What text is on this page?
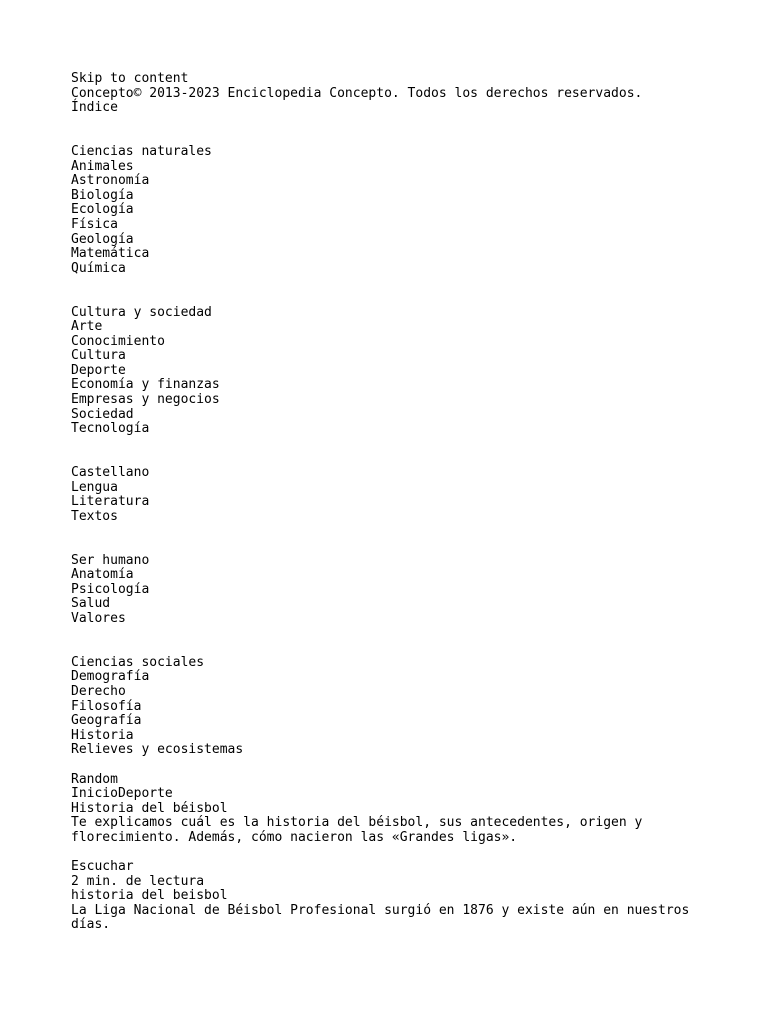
Skip to content
Concepto© 2013-2023 Enciclopedia Concepto. Todos los derechos reservados.
Índice
Ciencias naturales
Animales
Astronomía
Biología
Ecología
Física
Geología
Matemática
Química
Cultura y sociedad
Arte
Conocimiento
Cultura
Deporte
Economía y finanzas
Empresas y negocios
Sociedad
Tecnología
Castellano
Lengua
Literatura
Textos
Ser humano
Anatomía
Psicología
Salud
Valores
Ciencias sociales
Demografía
Derecho
Filosofía
Geografía
Historia
Relieves y ecosistemas
Random
InicioDeporte
Historia del béisbol
Te explicamos cuál es la historia del béisbol, sus antecedentes, origen y florecimiento. Además, cómo nacieron las «Grandes ligas».
Escuchar
2 min. de lectura
historia del beisbol
La Liga Nacional de Béisbol Profesional surgió en 1876 y existe aún en nuestros días.
